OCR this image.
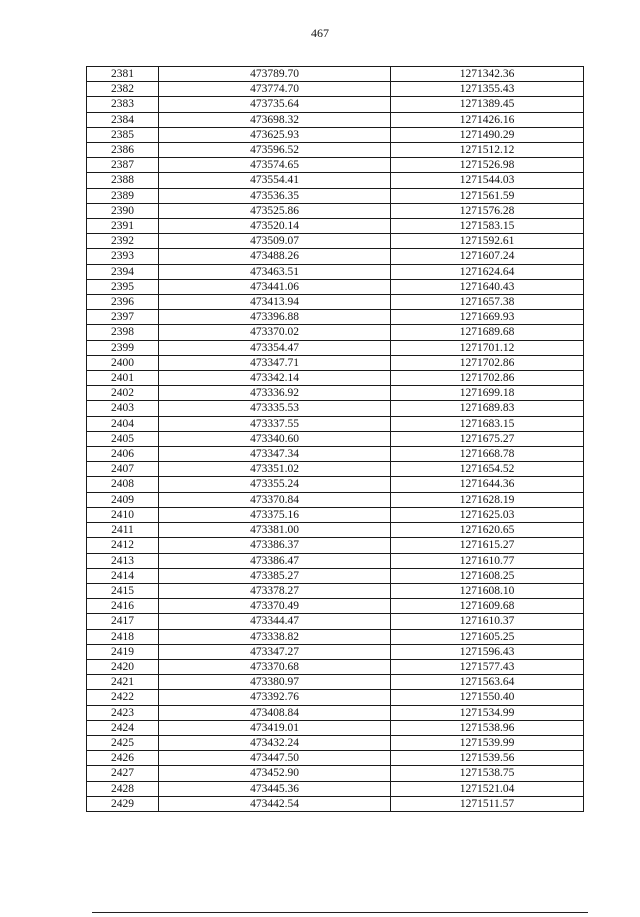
467
2381	473789.70	1271342.36
2382	473774.70	1271355.43
2383	473735.64	1271389.45
2384	473698.32	1271426.16
2385	473625.93	1271490.29
2386	473596.52	1271512.12
2387	473574.65	1271526.98
2388	473554.41	1271544.03
2389	473536.35	1271561.59
2390	473525.86	1271576.28
2391	473520.14	1271583.15
2392	473509.07	1271592.61
2393	473488.26	1271607.24
2394	473463.51	1271624.64
2395	473441.06	1271640.43
2396	473413.94	1271657.38
2397	473396.88	1271669.93
2398	473370.02	1271689.68
2399	473354.47	1271701.12
2400	473347.71	1271702.86
2401	473342.14	1271702.86
2402	473336.92	1271699.18
2403	473335.53	1271689.83
2404	473337.55	1271683.15
2405	473340.60	1271675.27
2406	473347.34	1271668.78
2407	473351.02	1271654.52
2408	473355.24	1271644.36
2409	473370.84	1271628.19
2410	473375.16	1271625.03
2411	473381.00	1271620.65
2412	473386.37	1271615.27
2413	473386.47	1271610.77
2414	473385.27	1271608.25
2415	473378.27	1271608.10
2416	473370.49	1271609.68
2417	473344.47	1271610.37
2418	473338.82	1271605.25
2419	473347.27	1271596.43
2420	473370.68	1271577.43
2421	473380.97	1271563.64
2422	473392.76	1271550.40
2423	473408.84	1271534.99
2424	473419.01	1271538.96
2425	473432.24	1271539.99
2426	473447.50	1271539.56
2427	473452.90	1271538.75
2428	473445.36	1271521.04
2429	473442.54	1271511.57
